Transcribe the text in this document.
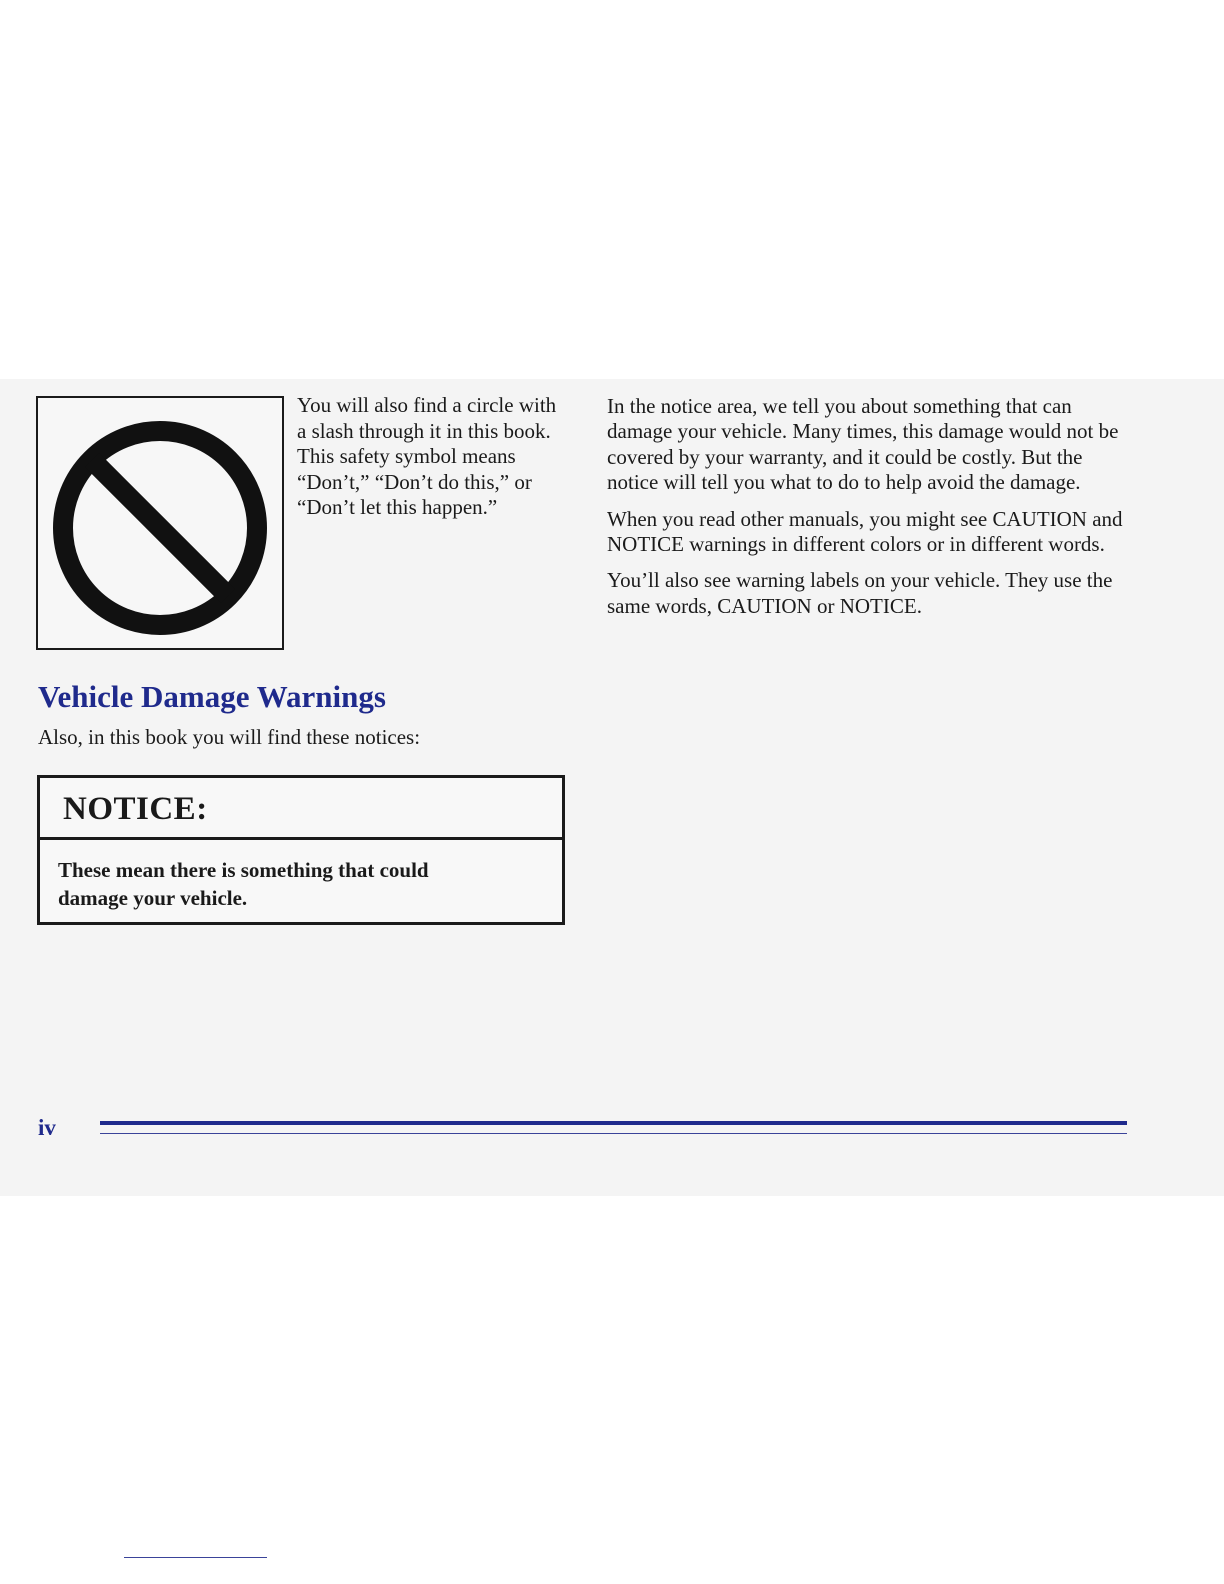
You will also find a circle with a slash through it in this book. This safety symbol means “Don’t,” “Don’t do this,” or “Don’t let this happen.”

Vehicle Damage Warnings

Also, in this book you will find these notices:

NOTICE:
These mean there is something that could damage your vehicle.

In the notice area, we tell you about something that can damage your vehicle. Many times, this damage would not be covered by your warranty, and it could be costly. But the notice will tell you what to do to help avoid the damage.

When you read other manuals, you might see CAUTION and NOTICE warnings in different colors or in different words.

You’ll also see warning labels on your vehicle. They use the same words, CAUTION or NOTICE.

iv
